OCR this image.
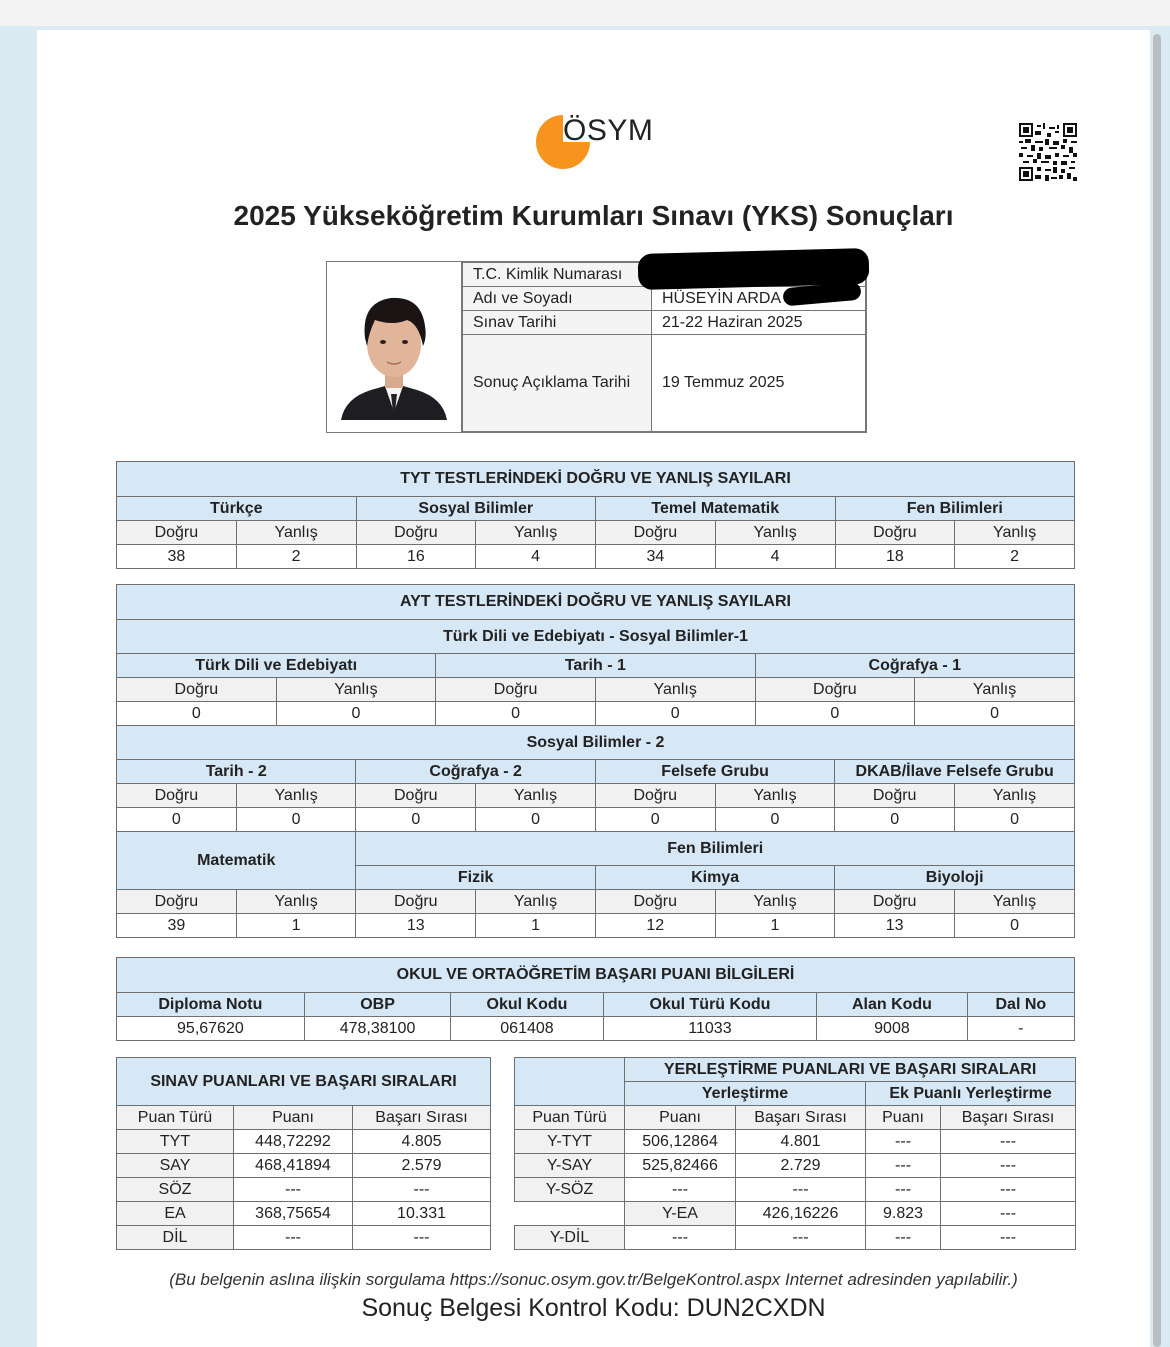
ÖSYM
2025 Yükseköğretim Kurumları Sınavı (YKS) Sonuçları
T.C. Kimlik Numarası	
Adı ve Soyadı	HÜSEYİN ARDA
Sınav Tarihi	21-22 Haziran 2025
Sonuç Açıklama Tarihi	19 Temmuz 2025
TYT TESTLERİNDEKİ DOĞRU VE YANLIŞ SAYILARI							
Türkçe		Sosyal Bilimler		Temel Matematik		Fen Bilimleri	
Doğru	Yanlış	Doğru	Yanlış	Doğru	Yanlış	Doğru	Yanlış
38	2	16	4	34	4	18	2
AYT TESTLERİNDEKİ DOĞRU VE YANLIŞ SAYILARI											
Türk Dili ve Edebiyatı - Sosyal Bilimler-1											
Türk Dili ve Edebiyatı				Tarih - 1				Coğrafya - 1			
Doğru		Yanlış		Doğru		Yanlış		Doğru		Yanlış	
0		0		0		0		0		0	
Sosyal Bilimler - 2											
Tarih - 2			Coğrafya - 2			Felsefe Grubu			DKAB/İlave Felsefe Grubu		
Doğru	Yanlış		Doğru		Yanlış	Doğru	Yanlış		Doğru		Yanlış
0	0		0		0	0	0		0		0
Matematik			Fen Bilimleri								
			Fizik			Kimya			Biyoloji		
Doğru	Yanlış		Doğru		Yanlış	Doğru	Yanlış		Doğru		Yanlış
39	1		13		1	12	1		13		0
OKUL VE ORTAÖĞRETİM BAŞARI PUANI BİLGİLERİ					
Diploma Notu	OBP	Okul Kodu	Okul Türü Kodu	Alan Kodu	Dal No
95,67620	478,38100	061408	11033	9008	-
SINAV PUANLARI VE BAŞARI SIRALARI					YERLEŞTİRME PUANLARI VE BAŞARI SIRALARI				
					Yerleştirme		Ek Puanlı Yerleştirme		
Puan Türü	Puanı	Başarı Sırası		Puan Türü	Puanı	Başarı Sırası	Puanı	Başarı Sırası	
TYT	448,72292	4.805		Y-TYT	506,12864	4.801	---	---	
SAY	468,41894	2.579		Y-SAY	525,82466	2.729	---	---	
SÖZ	---	---		Y-SÖZ	---	---	---	---	
EA	368,75654	10.331			Y-EA	426,16226	9.823	---	
DİL	---	---		Y-DİL	---	---	---	---	
(Bu belgenin aslına ilişkin sorgulama https://sonuc.osym.gov.tr/BelgeKontrol.aspx Internet adresinden yapılabilir.)
Sonuç Belgesi Kontrol Kodu: DUN2CXDN
